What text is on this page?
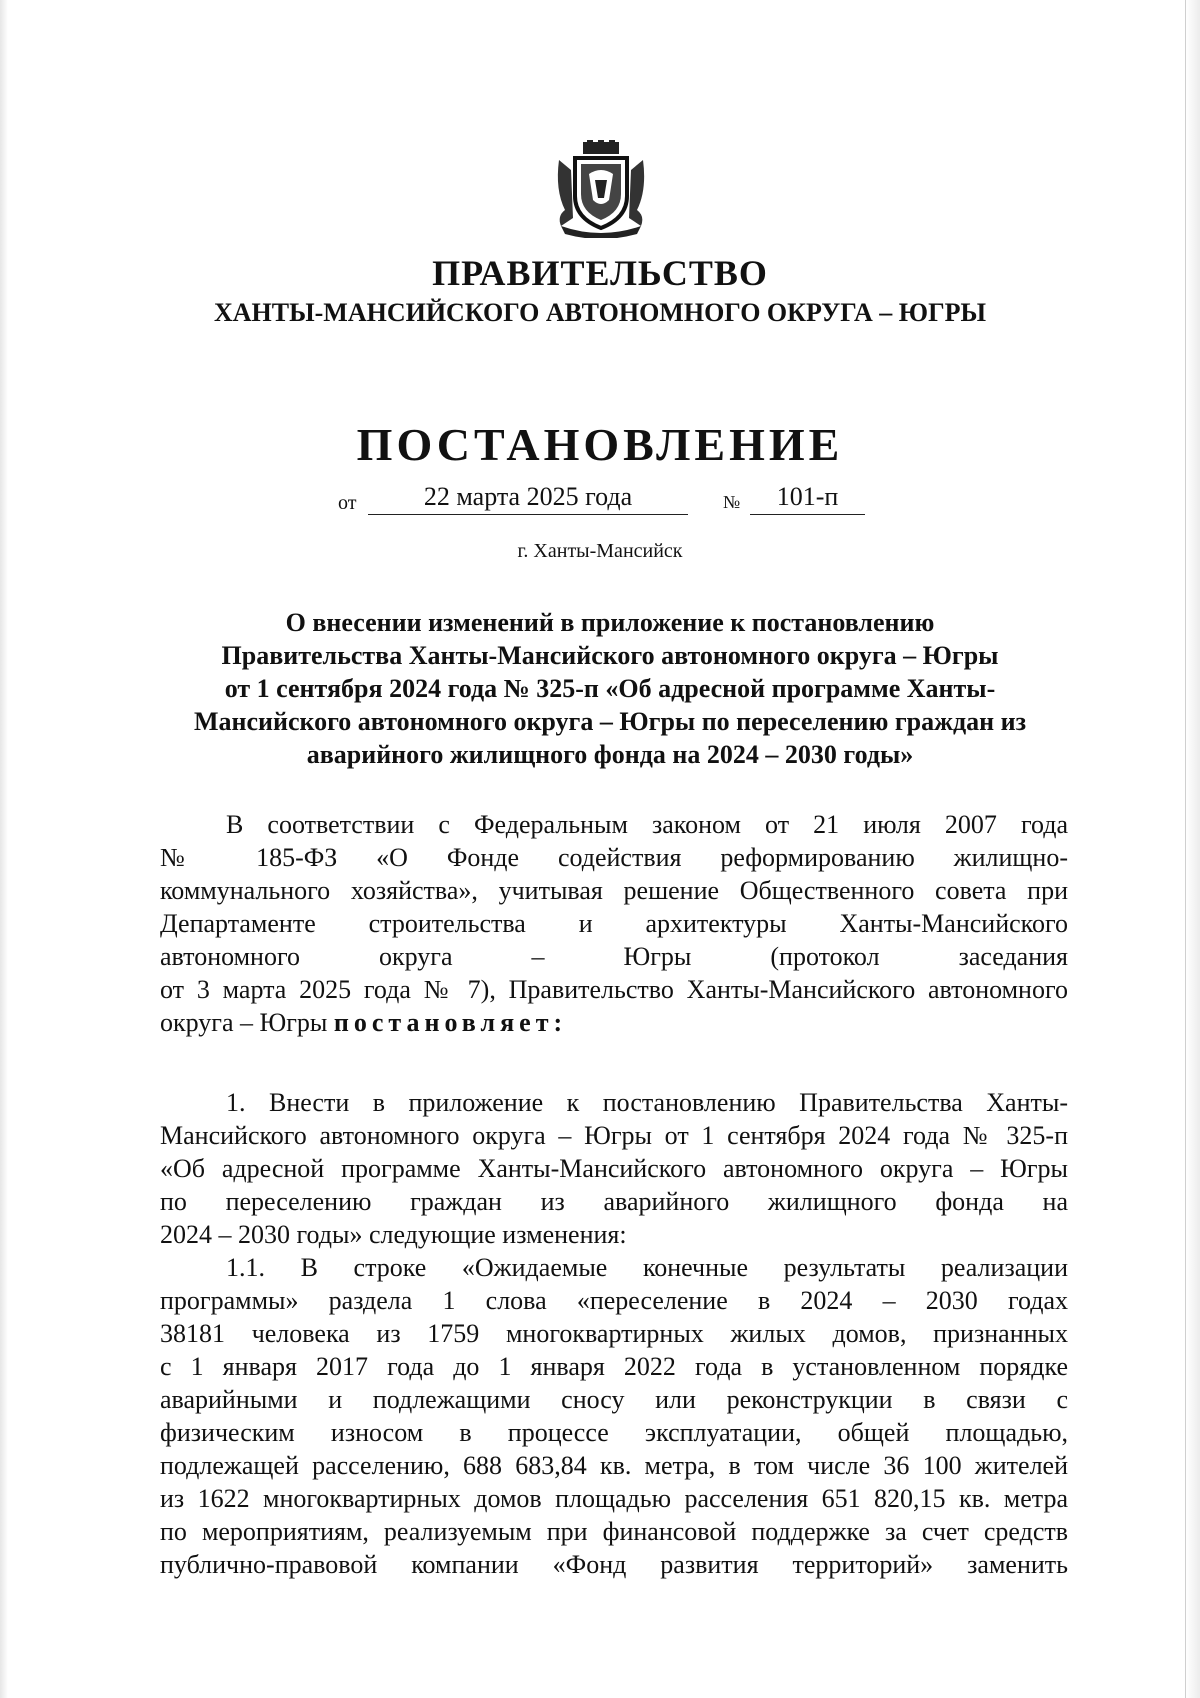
ПРАВИТЕЛЬСТВО
ХАНТЫ-МАНСИЙСКОГО АВТОНОМНОГО ОКРУГА – ЮГРЫ
ПОСТАНОВЛЕНИЕ
от	22 марта 2025 года	№	101-п
г. Ханты-Мансийск
О внесении изменений в приложение к постановлению
Правительства Ханты-Мансийского автономного округа – Югры
от 1 сентября 2024 года № 325-п «Об адресной программе Ханты-
Мансийского автономного округа – Югры по переселению граждан из
аварийного жилищного фонда на 2024 – 2030 годы»
В соответствии с Федеральным законом от 21 июля 2007 года
№ 185-ФЗ «О Фонде содействия реформированию жилищно-
коммунального хозяйства», учитывая решение Общественного совета при
Департаменте строительства и архитектуры Ханты-Мансийского
автономного округа – Югры (протокол заседания
от 3 марта 2025 года № 7), Правительство Ханты-Мансийского автономного
округа – Югры постановляет:
1. Внести в приложение к постановлению Правительства Ханты-
Мансийского автономного округа – Югры от 1 сентября 2024 года № 325-п
«Об адресной программе Ханты-Мансийского автономного округа – Югры
по переселению граждан из аварийного жилищного фонда на
2024 – 2030 годы» следующие изменения:
1.1. В строке «Ожидаемые конечные результаты реализации
программы» раздела 1 слова «переселение в 2024 – 2030 годах
38181 человека из 1759 многоквартирных жилых домов, признанных
с 1 января 2017 года до 1 января 2022 года в установленном порядке
аварийными и подлежащими сносу или реконструкции в связи с
физическим износом в процессе эксплуатации, общей площадью,
подлежащей расселению, 688 683,84 кв. метра, в том числе 36 100 жителей
из 1622 многоквартирных домов площадью расселения 651 820,15 кв. метра
по мероприятиям, реализуемым при финансовой поддержке за счет средств
публично-правовой компании «Фонд развития территорий» заменить
